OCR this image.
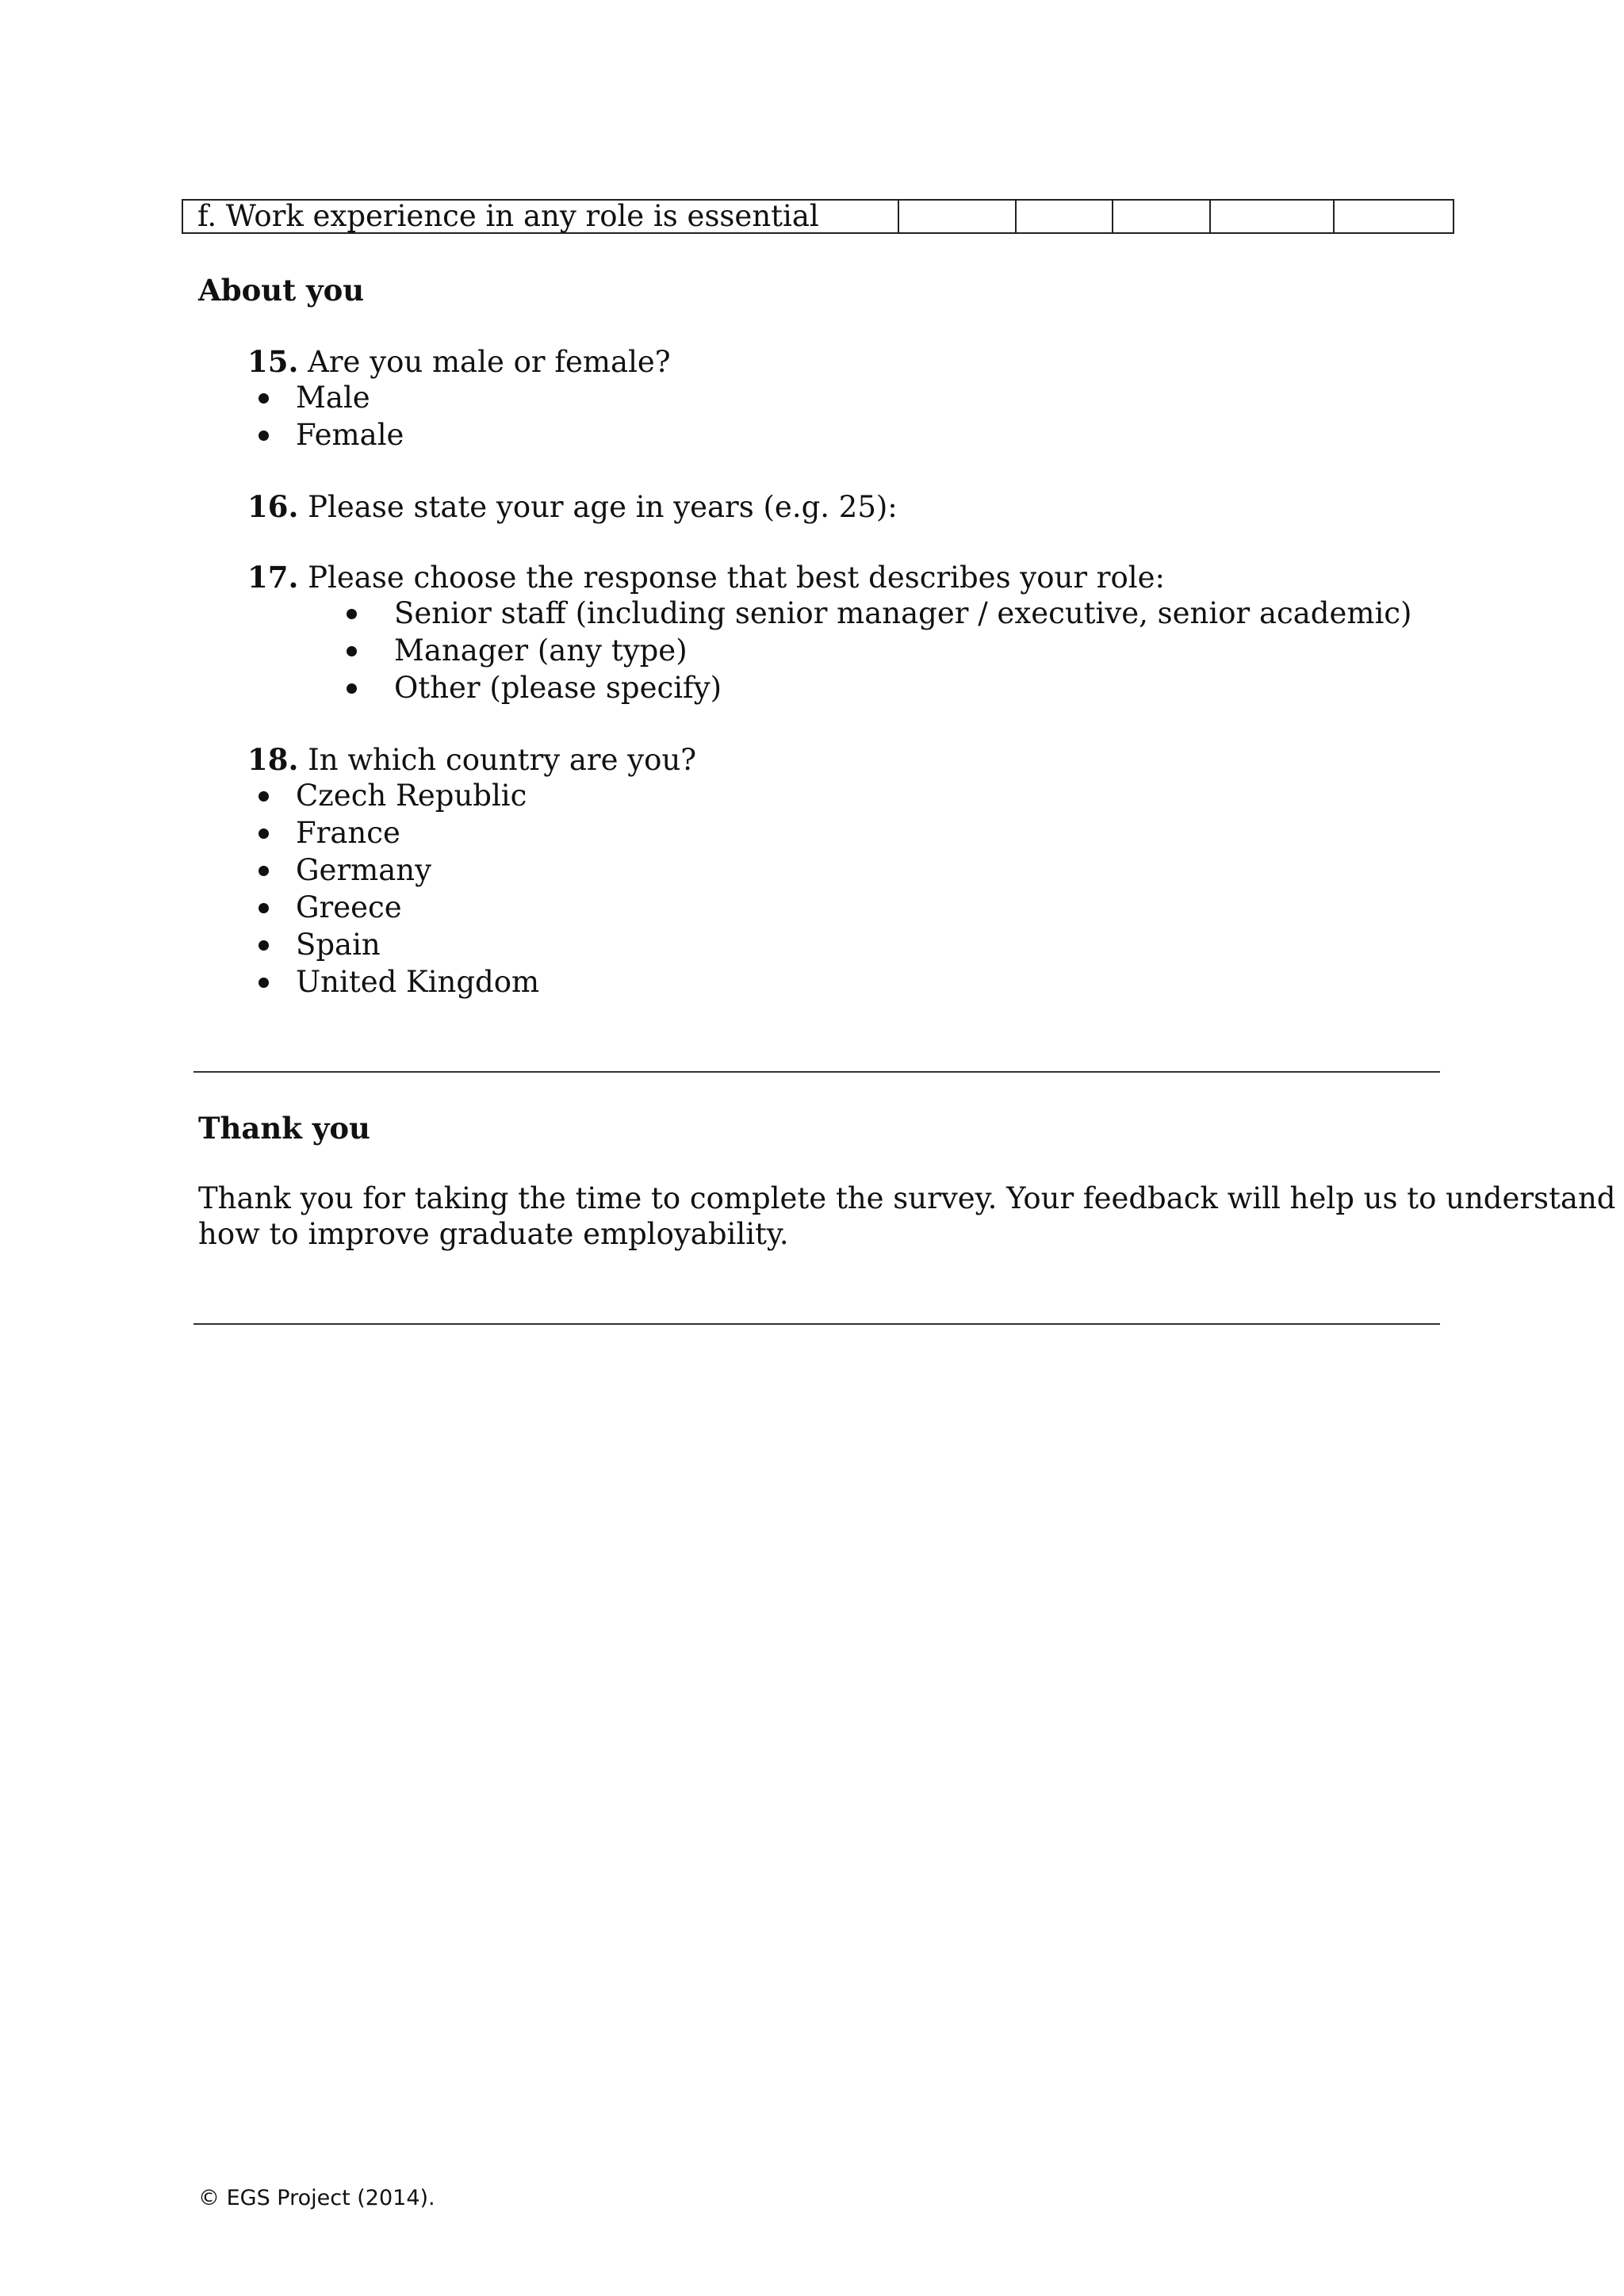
f. Work experience in any role is essential					
About you
15. Are you male or female?
Male
Female
16. Please state your age in years (e.g. 25):
17. Please choose the response that best describes your role:
Senior staff (including senior manager / executive, senior academic)
Manager (any type)
Other (please specify)
18. In which country are you?
Czech Republic
France
Germany
Greece
Spain
United Kingdom
Thank you
Thank you for taking the time to complete the survey. Your feedback will help us to understand
how to improve graduate employability.
© EGS Project (2014).
